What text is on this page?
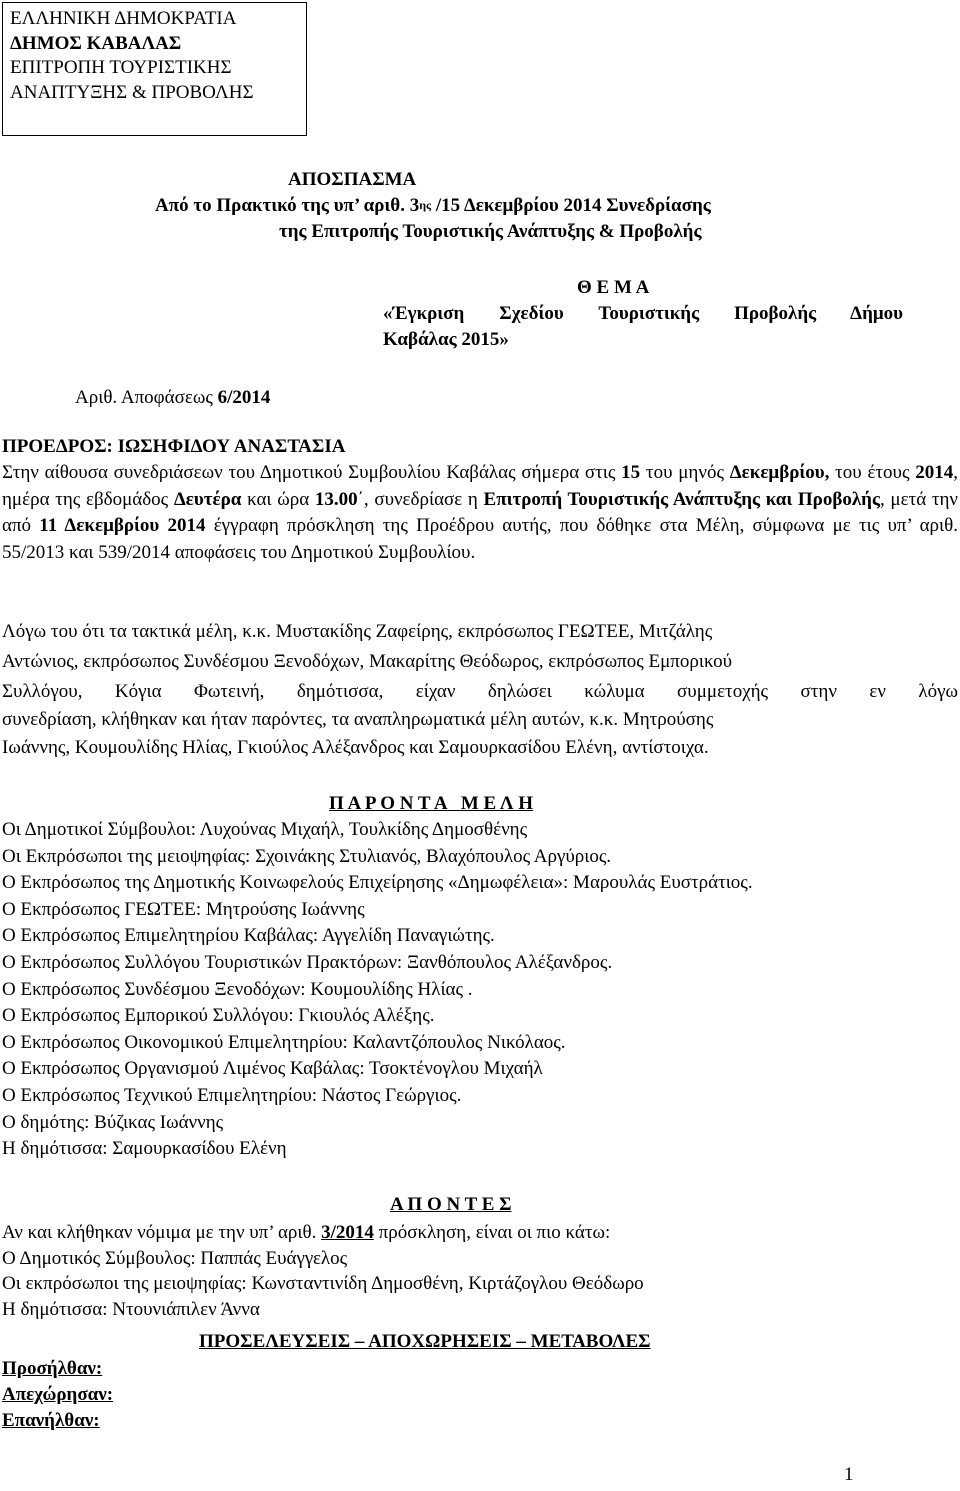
ΕΛΛΗΝΙΚΗ ΔΗΜΟΚΡΑΤΙΑ
ΔΗΜΟΣ ΚΑΒΑΛΑΣ
ΕΠΙΤΡΟΠΗ ΤΟΥΡΙΣΤΙΚΗΣ
ΑΝΑΠΤΥΞΗΣ & ΠΡΟΒΟΛΗΣ
ΑΠΟΣΠΑΣΜΑ
Από το Πρακτικό της υπ’ αριθ. $3^{\eta\varsigma}$ /15 Δεκεμβρίου 2014 Συνεδρίασης
της Επιτροπής Τουριστικής Ανάπτυξης & Προβολής
Θ Ε Μ Α
«Έγκριση Σχεδίου Τουριστικής Προβολής Δήμου
Καβάλας 2015»
Αριθ. Αποφάσεως 6/2014
ΠΡΟΕΔΡΟΣ: ΙΩΣΗΦΙΔΟΥ ΑΝΑΣΤΑΣΙΑ
Στην αίθουσα συνεδριάσεων του Δημοτικού Συμβουλίου Καβάλας σήμερα στις 15 του μηνός Δεκεμβρίου, του έτους 2014, ημέρα της εβδομάδος Δευτέρα και ώρα 13.00΄, συνεδρίασε η Επιτροπή Τουριστικής Ανάπτυξης και Προβολής, μετά την από 11 Δεκεμβρίου 2014 έγγραφη πρόσκληση της Προέδρου αυτής, που δόθηκε στα Μέλη, σύμφωνα με τις υπ’ αριθ. 55/2013 και 539/2014 αποφάσεις του Δημοτικού Συμβουλίου.
Λόγω του ότι τα τακτικά μέλη, κ.κ. Μυστακίδης Ζαφείρης, εκπρόσωπος ΓΕΩΤΕΕ, Μιτζάλης
Αντώνιος, εκπρόσωπος Συνδέσμου Ξενοδόχων, Μακαρίτης Θεόδωρος, εκπρόσωπος Εμπορικού
Συλλόγου, Κόγια Φωτεινή, δημότισσα, είχαν δηλώσει κώλυμα συμμετοχής στην εν λόγω
συνεδρίαση, κλήθηκαν και ήταν παρόντες, τα αναπληρωματικά μέλη αυτών, κ.κ. Μητρούσης
Ιωάννης, Κουμουλίδης Ηλίας, Γκιούλος Αλέξανδρος και Σαμουρκασίδου Ελένη, αντίστοιχα.
Π Α Ρ Ο Ν Τ Α   Μ Ε Λ Η
Οι Δημοτικοί Σύμβουλοι: Λυχούνας Μιχαήλ, Τουλκίδης Δημοσθένης
Οι Εκπρόσωποι της μειοψηφίας: Σχοινάκης Στυλιανός, Βλαχόπουλος Αργύριος.
Ο Εκπρόσωπος της Δημοτικής Κοινωφελούς Επιχείρησης «Δημωφέλεια»: Μαρουλάς Ευστράτιος.
Ο Εκπρόσωπος ΓΕΩΤΕΕ: Μητρούσης Ιωάννης
Ο Εκπρόσωπος Επιμελητηρίου Καβάλας: Αγγελίδη Παναγιώτης.
Ο Εκπρόσωπος Συλλόγου Τουριστικών Πρακτόρων: Ξανθόπουλος Αλέξανδρος.
Ο Εκπρόσωπος Συνδέσμου Ξενοδόχων: Κουμουλίδης Ηλίας .
Ο Εκπρόσωπος Εμπορικού Συλλόγου: Γκιουλός Αλέξης.
Ο Εκπρόσωπος Οικονομικού Επιμελητηρίου: Καλαντζόπουλος Νικόλαος.
Ο Εκπρόσωπος Οργανισμού Λιμένος Καβάλας: Τσοκτένογλου Μιχαήλ
Ο Εκπρόσωπος Τεχνικού Επιμελητηρίου: Νάστος Γεώργιος.
Ο δημότης: Βύζικας Ιωάννης
Η δημότισσα: Σαμουρκασίδου Ελένη
Α Π Ο Ν Τ Ε Σ
Αν και κλήθηκαν νόμιμα με την υπ’ αριθ. 3/2014 πρόσκληση, είναι οι πιο κάτω:
Ο Δημοτικός Σύμβουλος: Παππάς Ευάγγελος
Οι εκπρόσωποι της μειοψηφίας: Κωνσταντινίδη Δημοσθένη, Κιρτάζογλου Θεόδωρο
Η δημότισσα: Ντουνιάπιλεν Άννα
ΠΡΟΣΕΛΕΥΣΕΙΣ – ΑΠΟΧΩΡΗΣΕΙΣ – ΜΕΤΑΒΟΛΕΣ
Προσήλθαν:
Απεχώρησαν:
Επανήλθαν:
1
